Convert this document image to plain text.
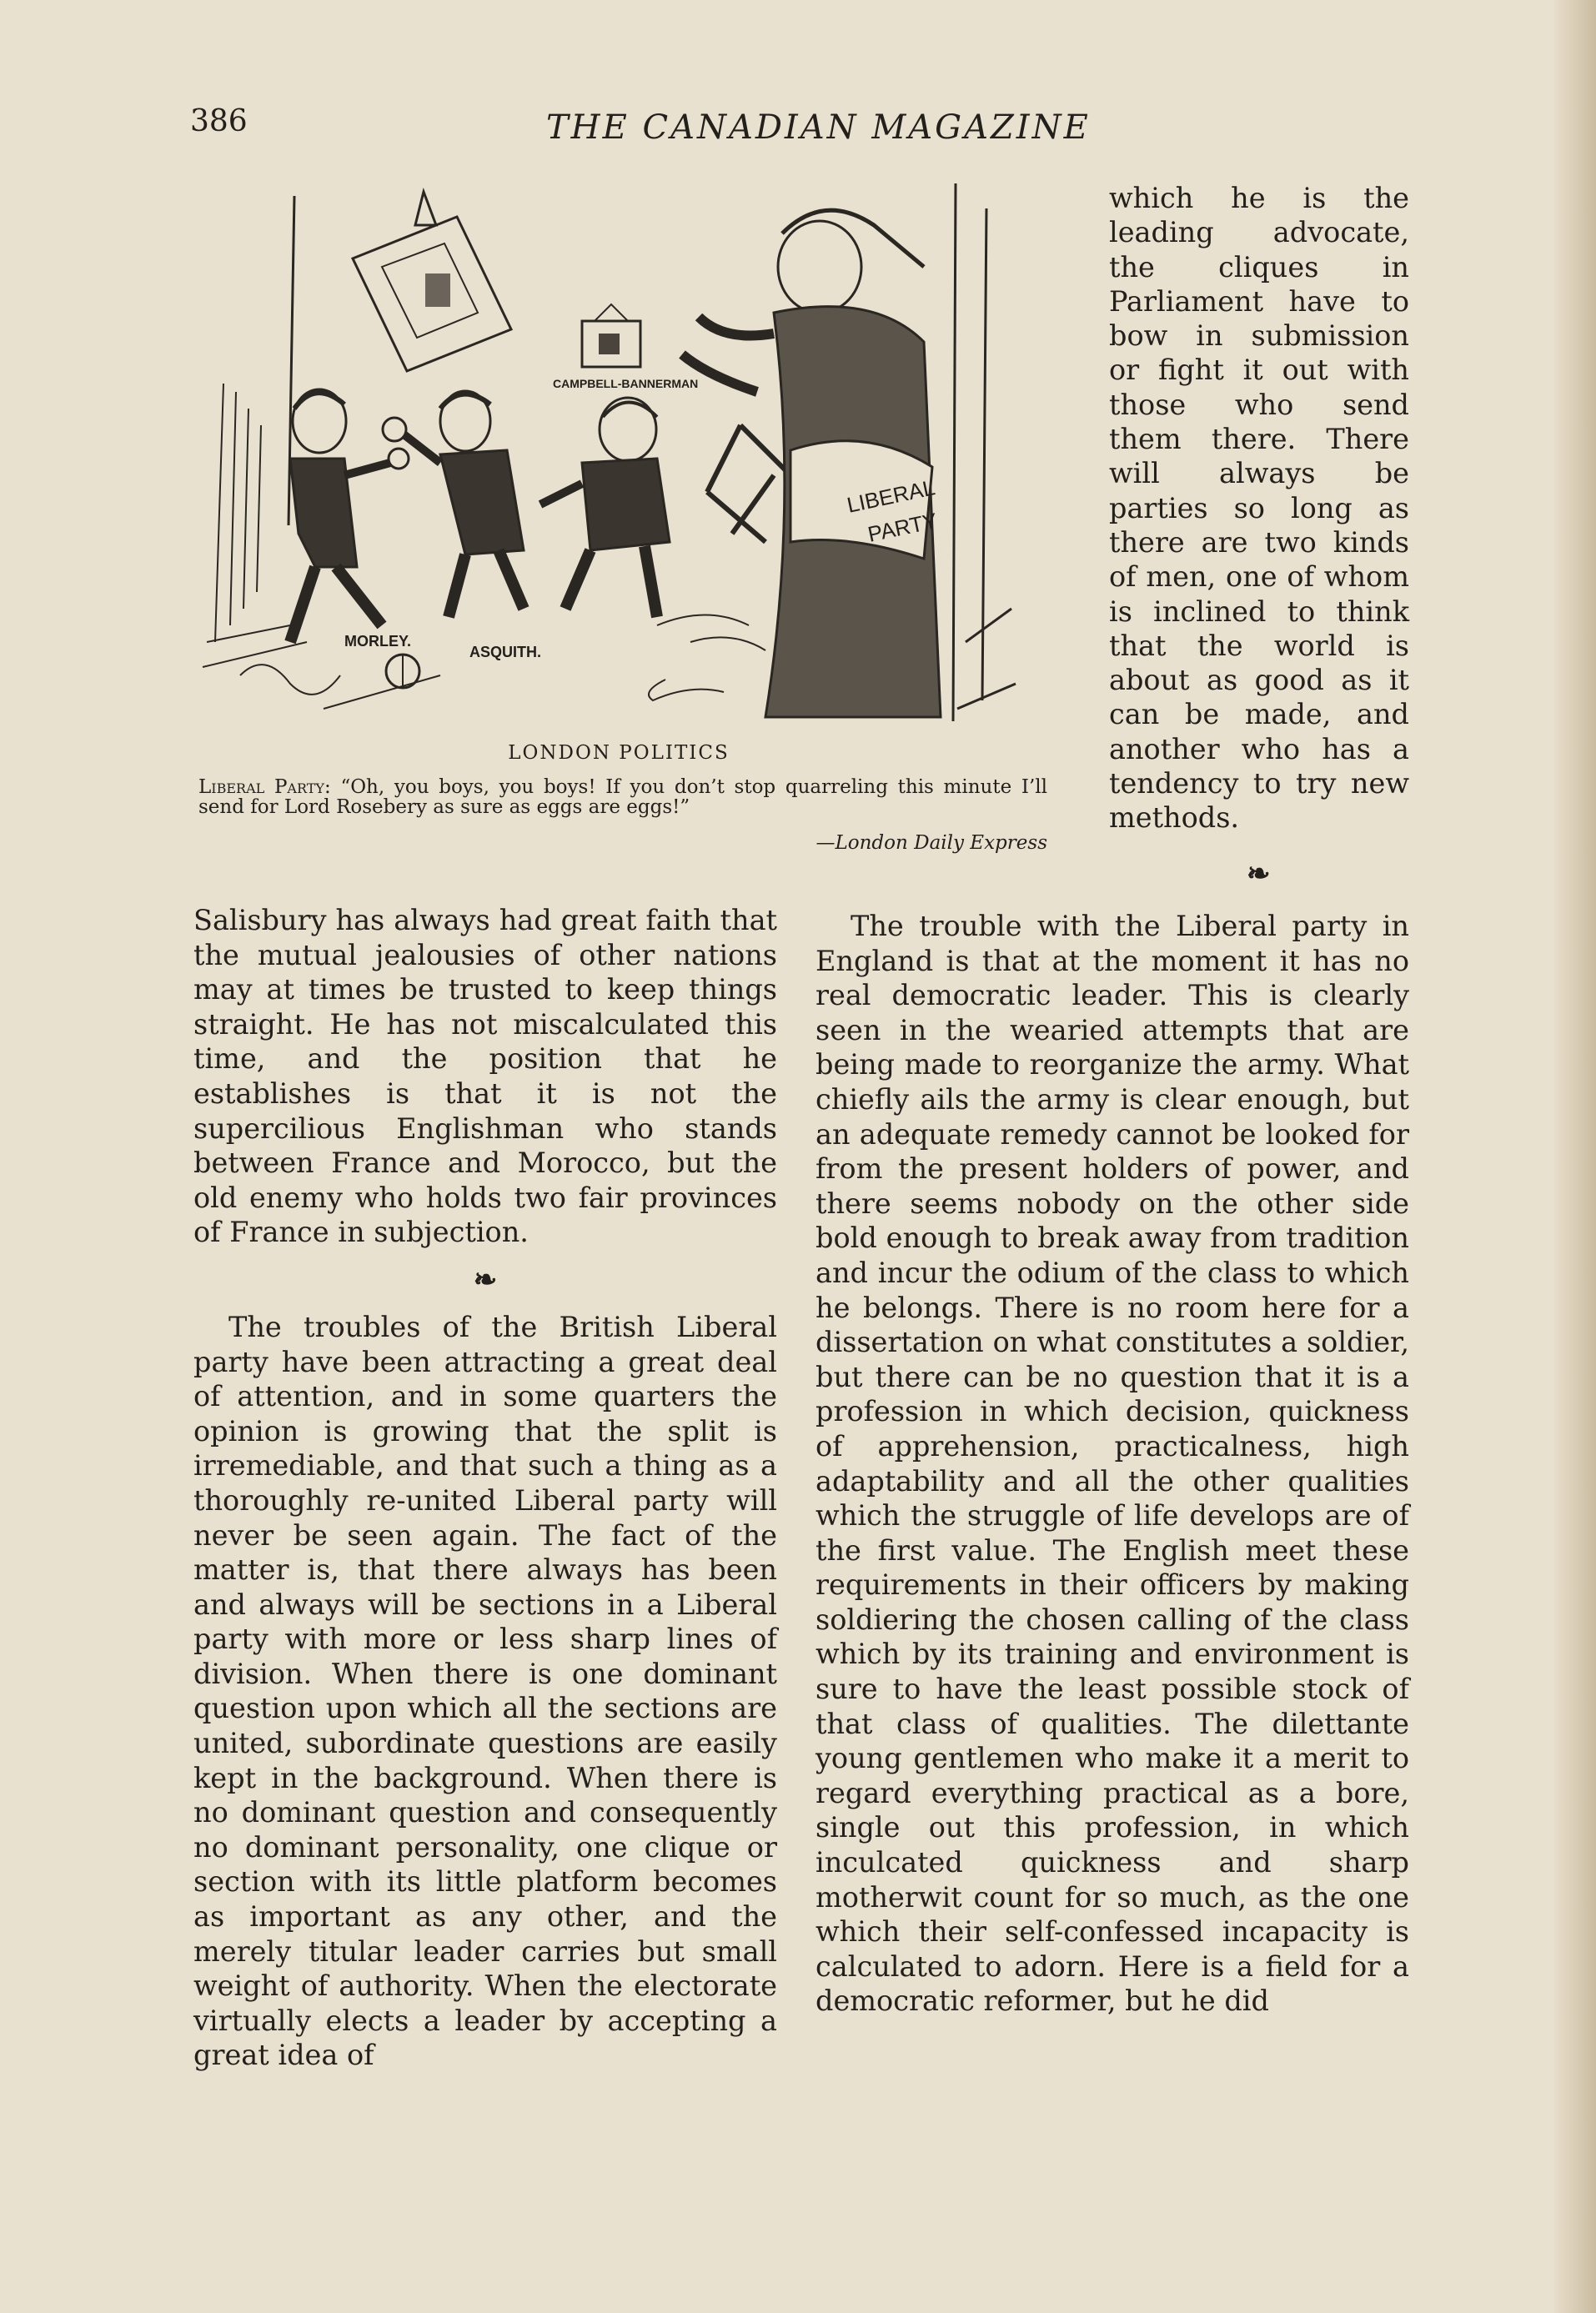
386	THE CANADIAN MAGAZINE
CAMPBELL-BANNERMAN
LIBERAL
PARTY
MORLEY.
ASQUITH.
LONDON POLITICS
Liberal Party: “Oh, you boys, you boys! If you don’t stop quarreling this minute I’ll send for Lord Rosebery as sure as eggs are eggs!”
—London Daily Express

which he is the leading advocate, the cliques in Parliament have to bow in submission or fight it out with those who send them there. There will always be parties so long as there are two kinds of men, one of whom is inclined to think that the world is about as good as it can be made, and another who has a tendency to try new methods.

❧

Salisbury has always had great faith that the mutual jealousies of other nations may at times be trusted to keep things straight. He has not miscalculated this time, and the position that he establishes is that it is not the supercilious Englishman who stands between France and Morocco, but the old enemy who holds two fair provinces of France in subjection.

❧

The troubles of the British Liberal party have been attracting a great deal of attention, and in some quarters the opinion is growing that the split is irremediable, and that such a thing as a thoroughly re-united Liberal party will never be seen again. The fact of the matter is, that there always has been and always will be sections in a Liberal party with more or less sharp lines of division. When there is one dominant question upon which all the sections are united, subordinate questions are easily kept in the background. When there is no dominant question and consequently no dominant personality, one clique or section with its little platform becomes as important as any other, and the merely titular leader carries but small weight of authority. When the electorate virtually elects a leader by accepting a great idea of

The trouble with the Liberal party in England is that at the moment it has no real democratic leader. This is clearly seen in the wearied attempts that are being made to reorganize the army. What chiefly ails the army is clear enough, but an adequate remedy cannot be looked for from the present holders of power, and there seems nobody on the other side bold enough to break away from tradition and incur the odium of the class to which he belongs. There is no room here for a dissertation on what constitutes a soldier, but there can be no question that it is a profession in which decision, quickness of apprehension, practicalness, high adaptability and all the other qualities which the struggle of life develops are of the first value. The English meet these requirements in their officers by making soldiering the chosen calling of the class which by its training and environment is sure to have the least possible stock of that class of qualities. The dilettante young gentlemen who make it a merit to regard everything practical as a bore, single out this profession, in which inculcated quickness and sharp motherwit count for so much, as the one which their self-confessed incapacity is calculated to adorn. Here is a field for a democratic reformer, but he did
